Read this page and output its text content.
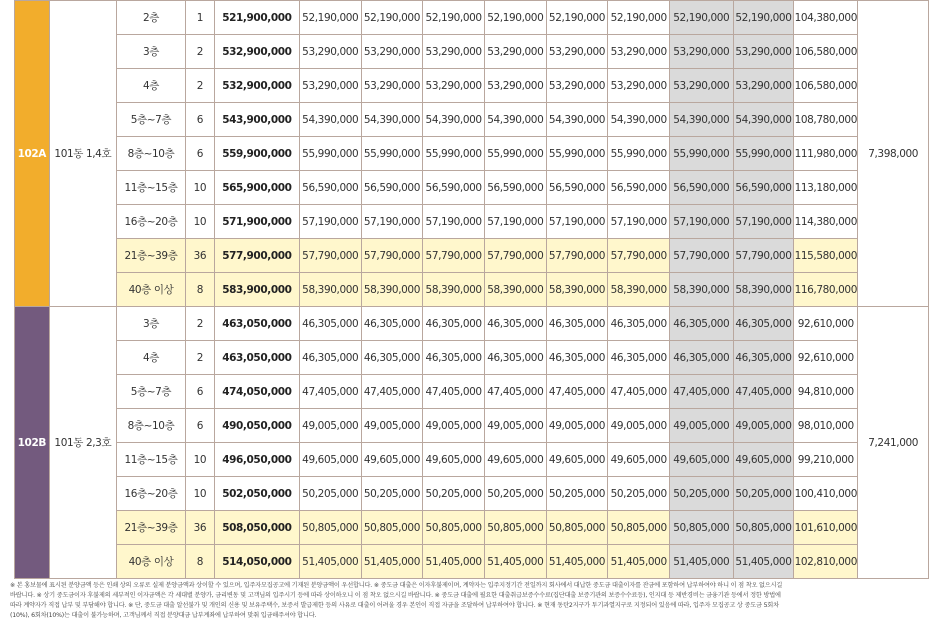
102A	101동 1,4호	2층	1	521,900,000	52,190,000	52,190,000	52,190,000	52,190,000	52,190,000	52,190,000	52,190,000	52,190,000	104,380,000	7,398,000
		3층	2	532,900,000	53,290,000	53,290,000	53,290,000	53,290,000	53,290,000	53,290,000	53,290,000	53,290,000	106,580,000	
		4층	2	532,900,000	53,290,000	53,290,000	53,290,000	53,290,000	53,290,000	53,290,000	53,290,000	53,290,000	106,580,000	
		5층~7층	6	543,900,000	54,390,000	54,390,000	54,390,000	54,390,000	54,390,000	54,390,000	54,390,000	54,390,000	108,780,000	
		8층~10층	6	559,900,000	55,990,000	55,990,000	55,990,000	55,990,000	55,990,000	55,990,000	55,990,000	55,990,000	111,980,000	
		11층~15층	10	565,900,000	56,590,000	56,590,000	56,590,000	56,590,000	56,590,000	56,590,000	56,590,000	56,590,000	113,180,000	
		16층~20층	10	571,900,000	57,190,000	57,190,000	57,190,000	57,190,000	57,190,000	57,190,000	57,190,000	57,190,000	114,380,000	
		21층~39층	36	577,900,000	57,790,000	57,790,000	57,790,000	57,790,000	57,790,000	57,790,000	57,790,000	57,790,000	115,580,000	
		40층 이상	8	583,900,000	58,390,000	58,390,000	58,390,000	58,390,000	58,390,000	58,390,000	58,390,000	58,390,000	116,780,000	
102B	101동 2,3호	3층	2	463,050,000	46,305,000	46,305,000	46,305,000	46,305,000	46,305,000	46,305,000	46,305,000	46,305,000	92,610,000	7,241,000
		4층	2	463,050,000	46,305,000	46,305,000	46,305,000	46,305,000	46,305,000	46,305,000	46,305,000	46,305,000	92,610,000	
		5층~7층	6	474,050,000	47,405,000	47,405,000	47,405,000	47,405,000	47,405,000	47,405,000	47,405,000	47,405,000	94,810,000	
		8층~10층	6	490,050,000	49,005,000	49,005,000	49,005,000	49,005,000	49,005,000	49,005,000	49,005,000	49,005,000	98,010,000	
		11층~15층	10	496,050,000	49,605,000	49,605,000	49,605,000	49,605,000	49,605,000	49,605,000	49,605,000	49,605,000	99,210,000	
		16층~20층	10	502,050,000	50,205,000	50,205,000	50,205,000	50,205,000	50,205,000	50,205,000	50,205,000	50,205,000	100,410,000	
		21층~39층	36	508,050,000	50,805,000	50,805,000	50,805,000	50,805,000	50,805,000	50,805,000	50,805,000	50,805,000	101,610,000	
		40층 이상	8	514,050,000	51,405,000	51,405,000	51,405,000	51,405,000	51,405,000	51,405,000	51,405,000	51,405,000	102,810,000	

※ 본 홍보물에 표시된 분양금액 등은 인쇄 상의 오류로 실제 분양금액과 상이할 수 있으며, 입주자모집공고에 기재된 분양금액이 우선합니다. ※ 중도금 대출은 이자후불제이며, 계약자는 입주지정기간 전일까지 회사에서 대납한 중도금 대출이자를 잔금에 포함하여 납부하여야 하니 이 점 착오 없으시길

바랍니다. ※ 상기 중도금이자 후불제의 세부적인 이자금액은 각 세대별 분양가, 금리변동 및 고객님의 입주시기 등에 따라 상이하오니 이 점 착오 없으시길 바랍니다. ※ 중도금 대출에 필요한 대출취급보증수수료(집단대출 보증기관의 보증수수료등), 인지대 등 제반경비는 금융기관 등에서 정한 방법에

따라 계약자가 직접 납부 및 부담해야 합니다. ※ 단, 중도금 대출 알선불가 및 개인의 신용 및 보유주택수, 보증서 발급제한 등의 사유로 대출이 어려울 경우 본인이 직접 자금을 조달하여 납부하여야 합니다. ※ 현재 동탄2지구가 투기과열지구로 지정되어 있음에 따라, 입주자 모집공고 상 중도금 5회차

(10%), 6회차(10%)는 대출이 불가능하며, 고객님께서 직접 분양대금 납부계좌에 납부하여 맞춰 입금해주셔야 합니다.
